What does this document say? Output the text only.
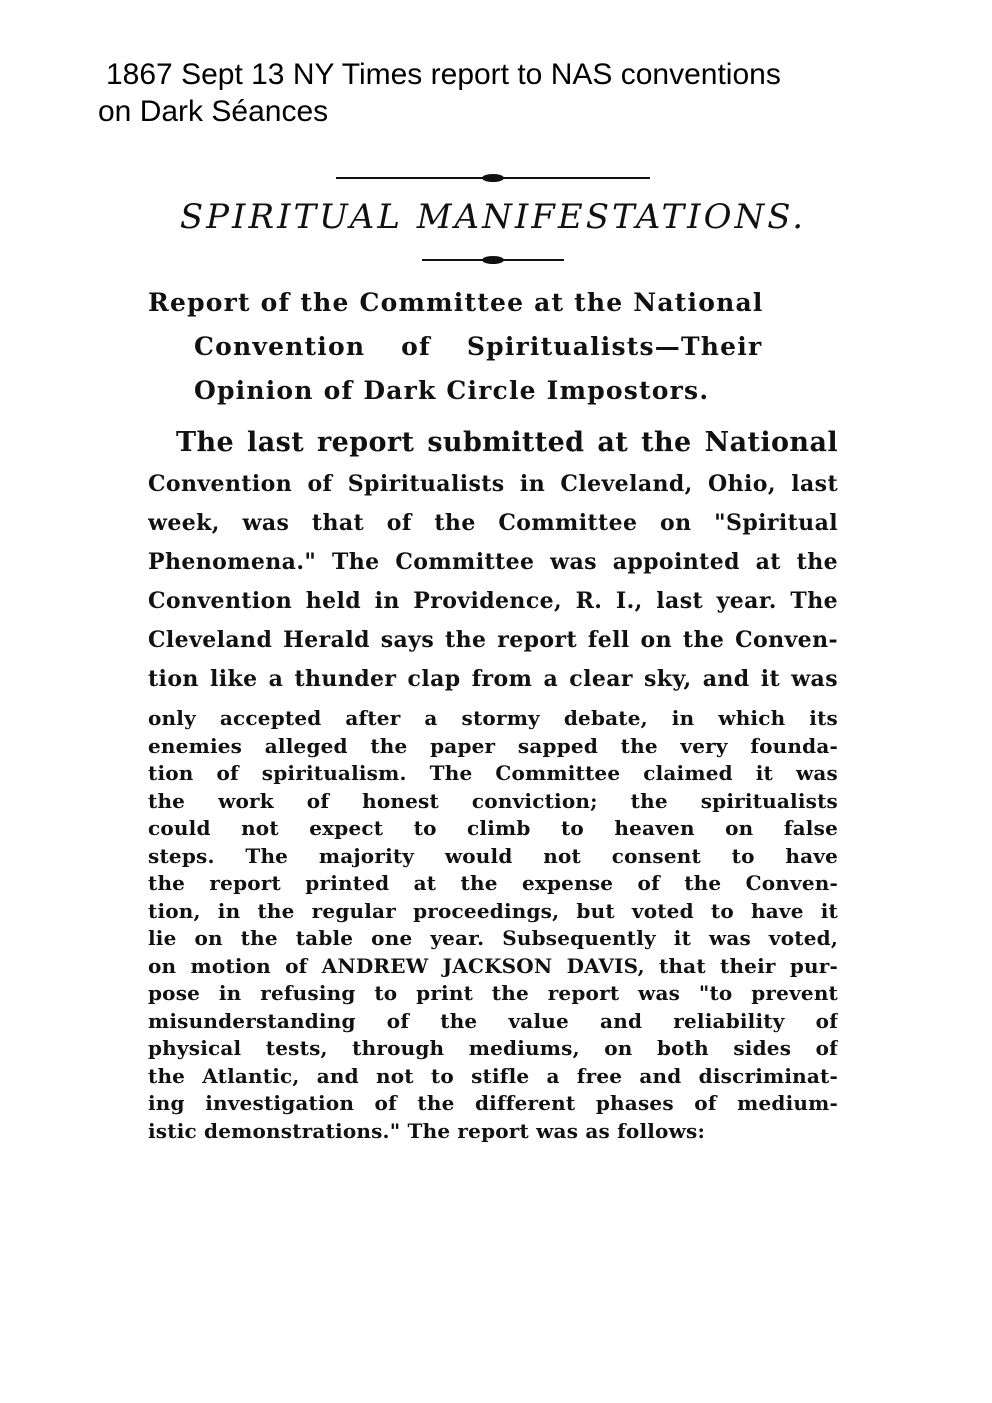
1867 Sept 13 NY Times report to NAS conventions
on Dark Séances
SPIRITUAL MANIFESTATIONS.
Report of the Committee at the National
Convention of Spiritualists—Their
Opinion of Dark Circle Impostors.
The last report submitted at the National
Convention of Spiritualists in Cleveland, Ohio, last
week, was that of the Committee on "Spiritual
Phenomena." The Committee was appointed at the
Convention held in Providence, R. I., last year. The
Cleveland Herald says the report fell on the Conven-
tion like a thunder clap from a clear sky, and it was
only accepted after a stormy debate, in which its
enemies alleged the paper sapped the very founda-
tion of spiritualism. The Committee claimed it was
the work of honest conviction; the spiritualists
could not expect to climb to heaven on false
steps. The majority would not consent to have
the report printed at the expense of the Conven-
tion, in the regular proceedings, but voted to have it
lie on the table one year. Subsequently it was voted,
on motion of ANDREW JACKSON DAVIS, that their pur-
pose in refusing to print the report was "to prevent
misunderstanding of the value and reliability of
physical tests, through mediums, on both sides of
the Atlantic, and not to stifle a free and discriminat-
ing investigation of the different phases of medium-
istic demonstrations." The report was as follows:
